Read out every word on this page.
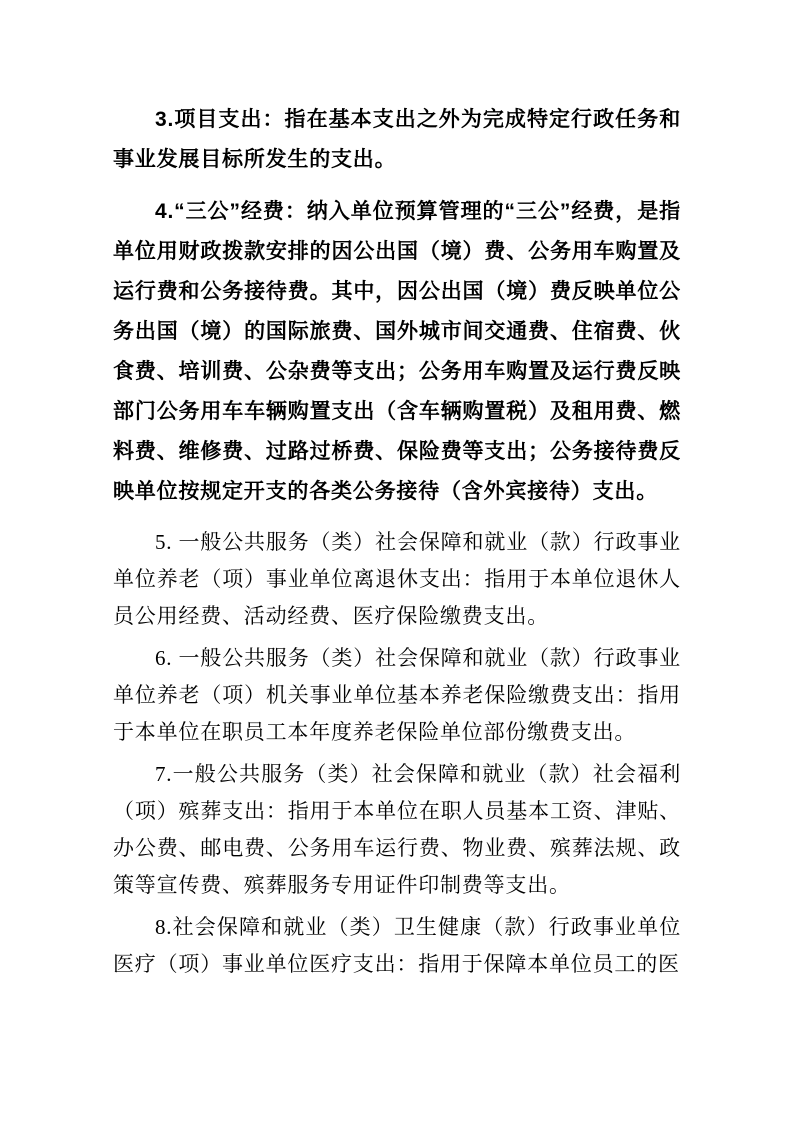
3.项目支出：指在基本支出之外为完成特定行政任务和事业发展目标所发生的支出。

4.“三公”经费：纳入单位预算管理的“三公”经费，是指单位用财政拨款安排的因公出国（境）费、公务用车购置及运行费和公务接待费。其中，因公出国（境）费反映单位公务出国（境）的国际旅费、国外城市间交通费、住宿费、伙食费、培训费、公杂费等支出；公务用车购置及运行费反映部门公务用车车辆购置支出（含车辆购置税）及租用费、燃料费、维修费、过路过桥费、保险费等支出；公务接待费反映单位按规定开支的各类公务接待（含外宾接待）支出。

5. 一般公共服务（类）社会保障和就业（款）行政事业单位养老（项）事业单位离退休支出：指用于本单位退休人员公用经费、活动经费、医疗保险缴费支出。

6. 一般公共服务（类）社会保障和就业（款）行政事业单位养老（项）机关事业单位基本养老保险缴费支出：指用于本单位在职员工本年度养老保险单位部份缴费支出。

7.一般公共服务（类）社会保障和就业（款）社会福利（项）殡葬支出：指用于本单位在职人员基本工资、津贴、办公费、邮电费、公务用车运行费、物业费、殡葬法规、政策等宣传费、殡葬服务专用证件印制费等支出。

8.社会保障和就业（类）卫生健康（款）行政事业单位医疗（项）事业单位医疗支出：指用于保障本单位员工的医
